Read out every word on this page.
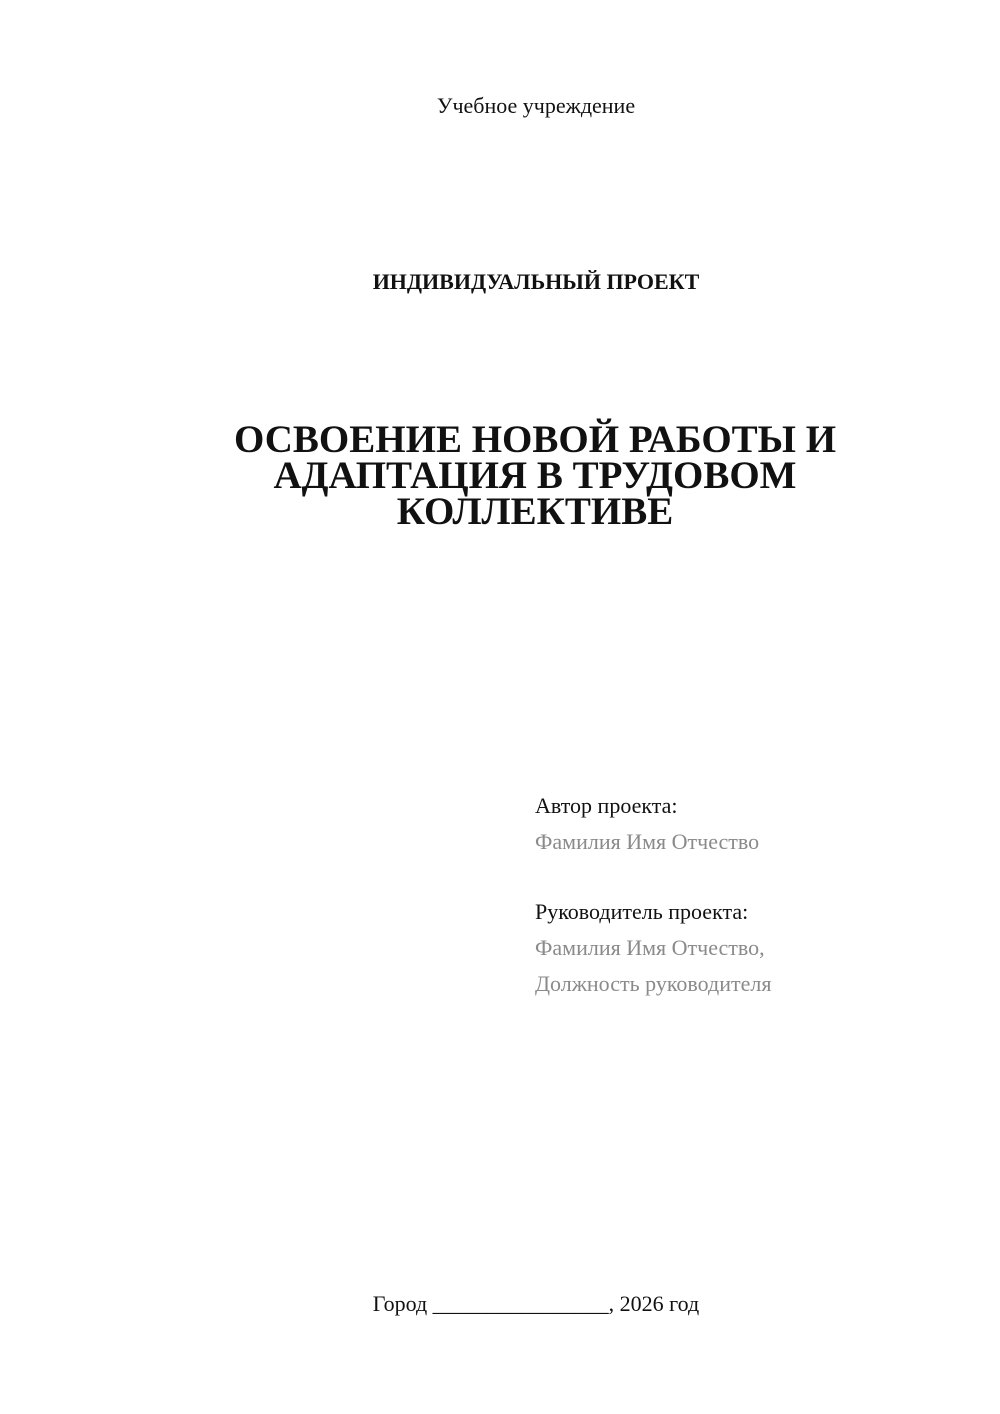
Учебное учреждение
ИНДИВИДУАЛЬНЫЙ ПРОЕКТ
ОСВОЕНИЕ НОВОЙ РАБОТЫ И
АДАПТАЦИЯ В ТРУДОВОМ
КОЛЛЕКТИВЕ
Автор проекта:
Фамилия Имя Отчество
Руководитель проекта:
Фамилия Имя Отчество,
Должность руководителя
Город ________________, 2026 год
